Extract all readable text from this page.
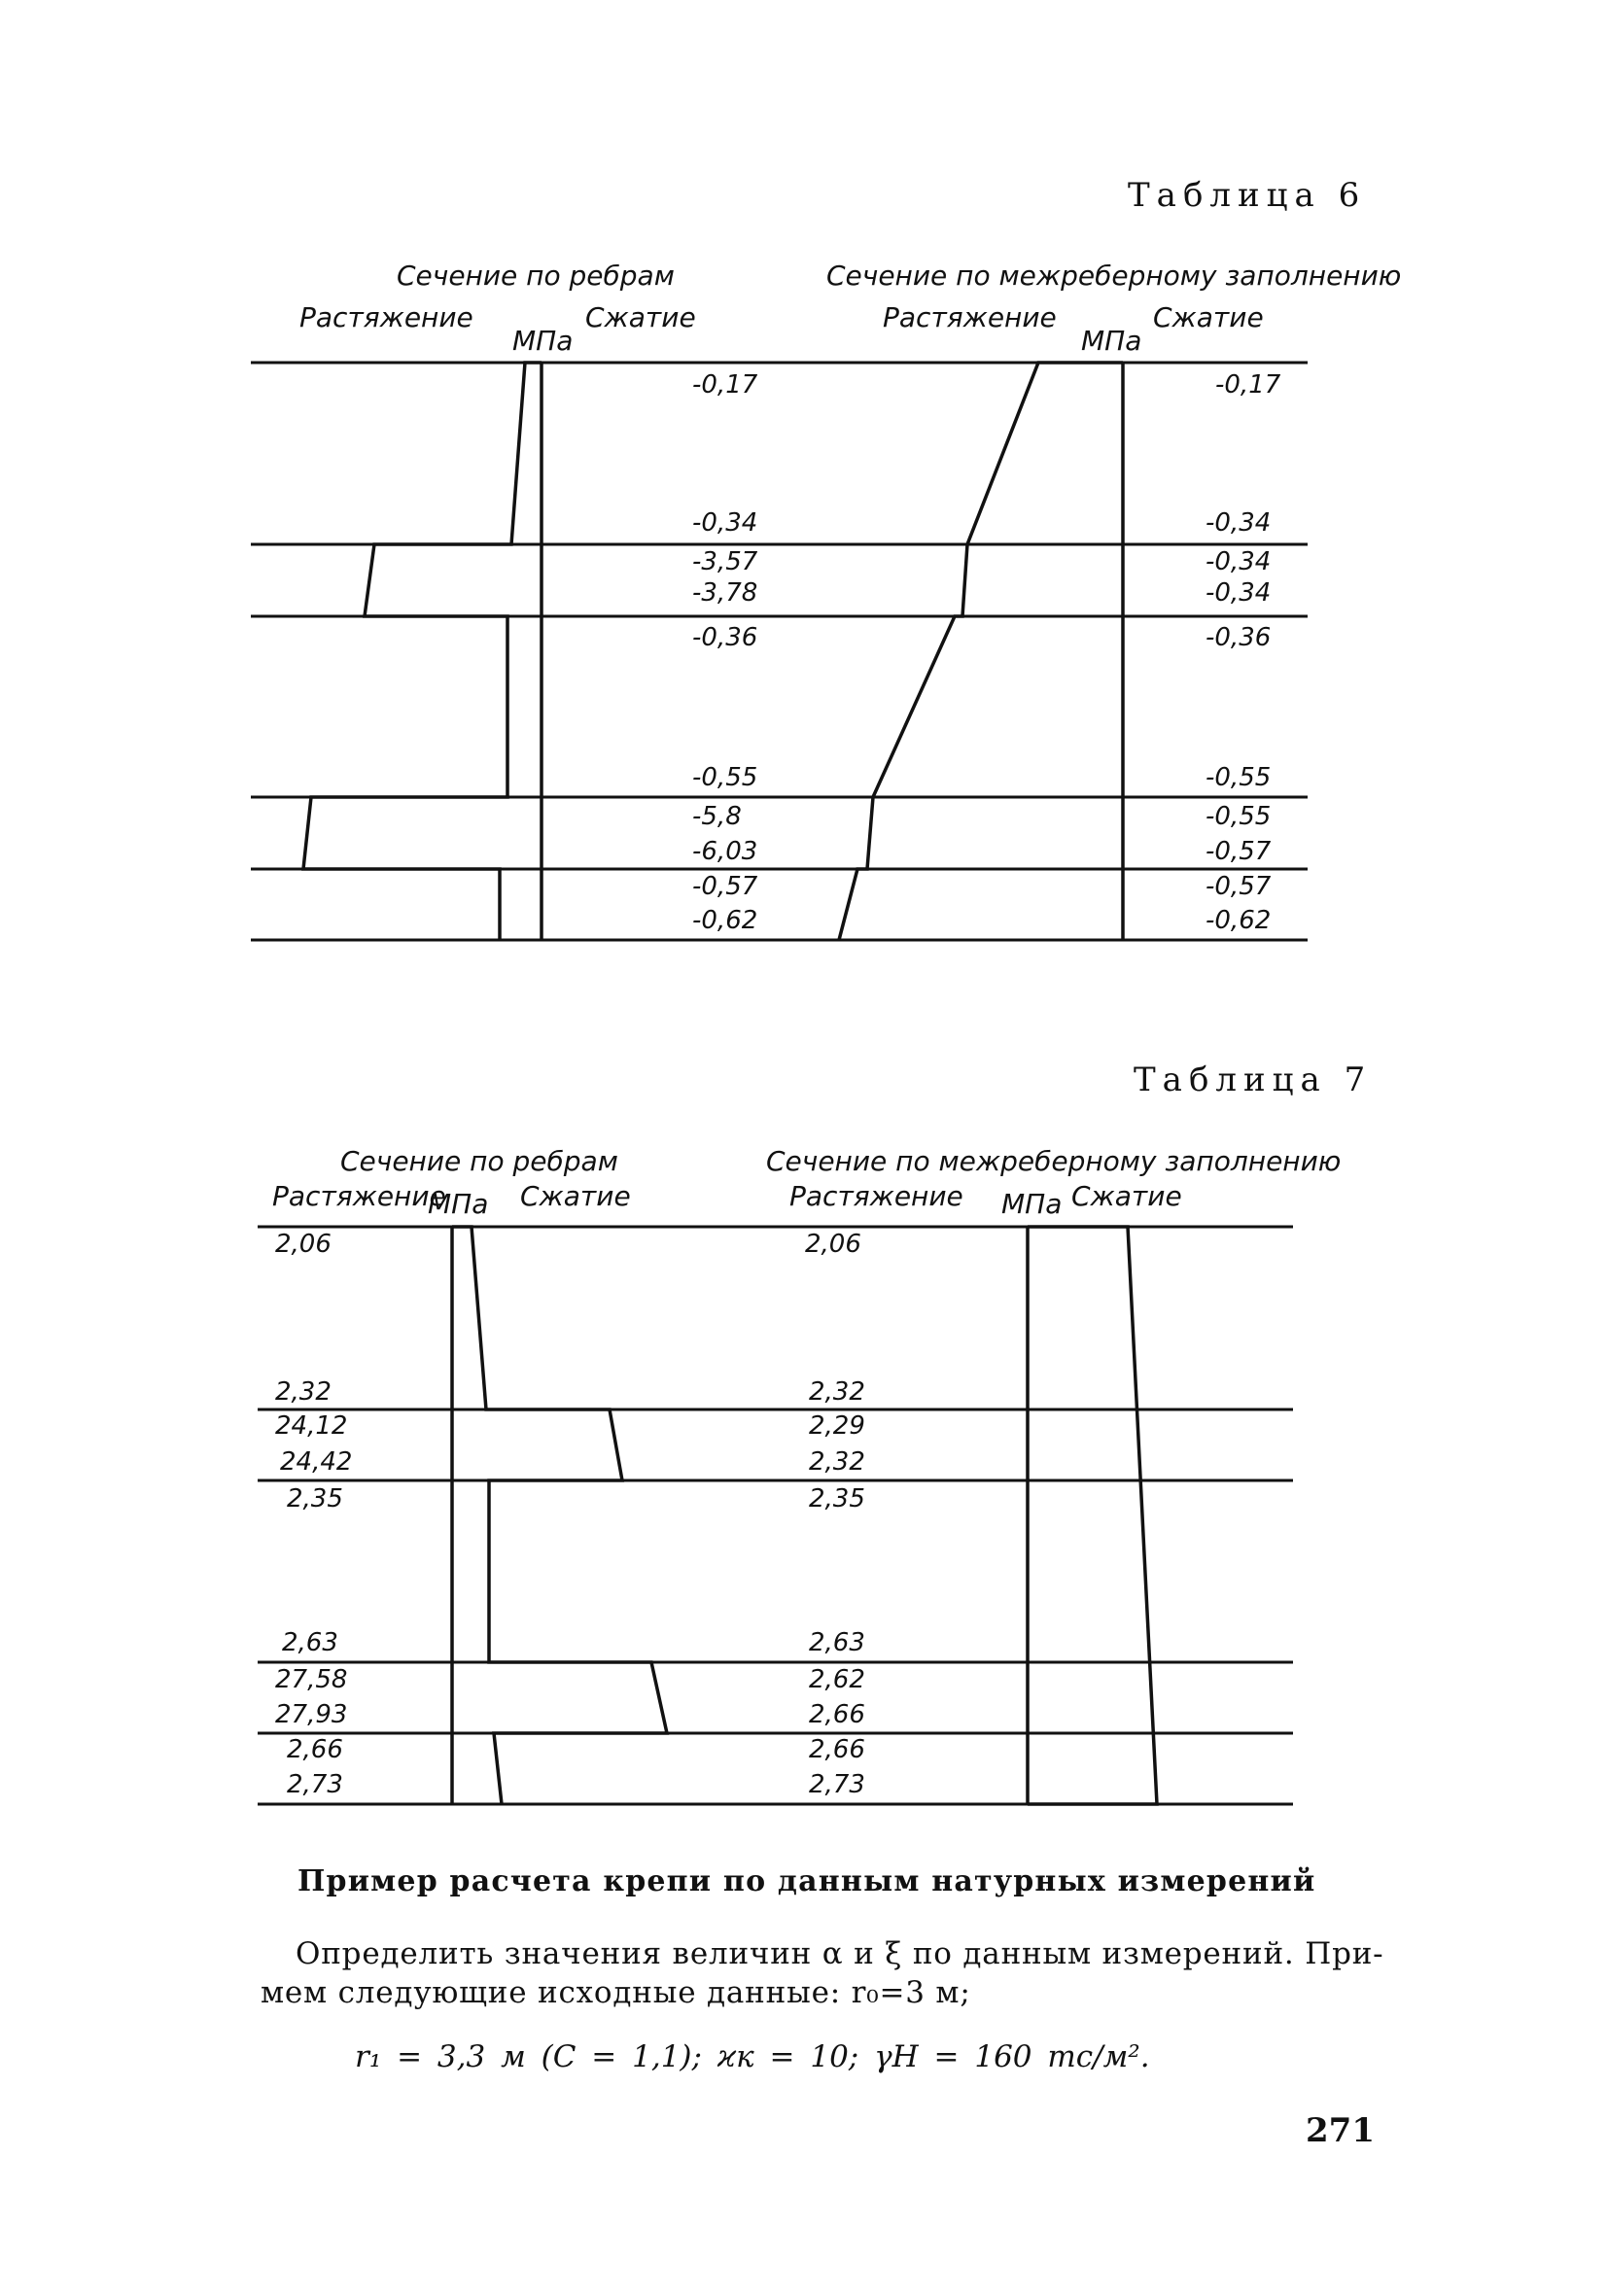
Таблица 6
Сечение по ребрам
Растяжение
МПа
Сжатие
Сечение по межреберному заполнению
Растяжение
МПа
Сжатие
-0,17
-0,34
-3,57
-3,78
-0,36
-0,55
-5,8
-6,03
-0,57
-0,62
-0,17
-0,34
-0,34
-0,34
-0,36
-0,55
-0,55
-0,57
-0,57
-0,62
Таблица 7
Сечение по ребрам
Растяжение
МПа Сжатие
Сечение по межреберному заполнению
Растяжение МПа Сжатие
2,06
2,32
24,12
24,42
2,35
2,63
27,58
27,93
2,66
2,73
2,06
2,32
2,29
2,32
2,35
2,63
2,62
2,66
2,66
2,73
Пример расчета крепи по данным натурных измерений
Определить значения величин α и ξ по данным измерений. При-
мем следующие исходные данные: r₀=3 м;
r₁ = 3,3 м (C = 1,1); ϰк = 10; γH = 160 тс/м².
271
